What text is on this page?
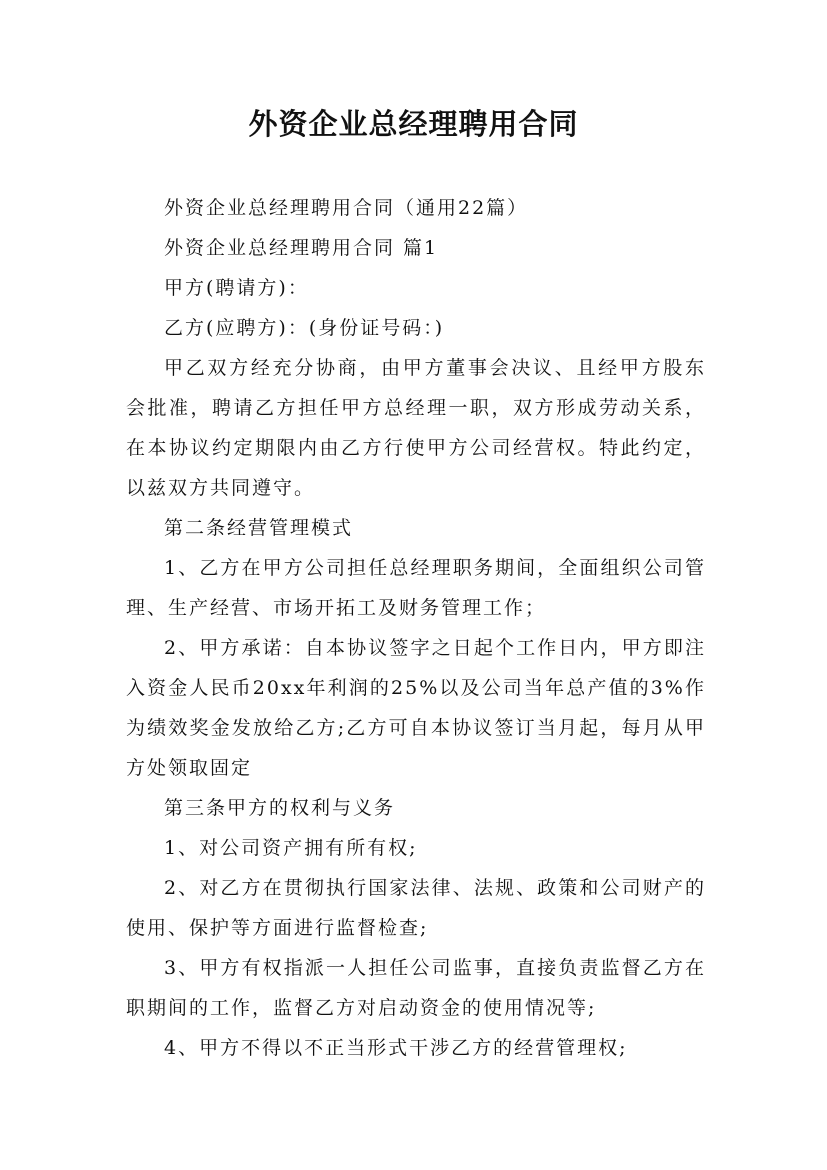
外资企业总经理聘用合同

外资企业总经理聘用合同（通用22篇）

外资企业总经理聘用合同 篇1

甲方(聘请方)：

乙方(应聘方)：(身份证号码：)

甲乙双方经充分协商，由甲方董事会决议、且经甲方股东会批准，聘请乙方担任甲方总经理一职，双方形成劳动关系，在本协议约定期限内由乙方行使甲方公司经营权。特此约定，以兹双方共同遵守。

第二条经营管理模式

1、乙方在甲方公司担任总经理职务期间，全面组织公司管理、生产经营、市场开拓工及财务管理工作；

2、甲方承诺：自本协议签字之日起个工作日内，甲方即注入资金人民币20xx年利润的25%以及公司当年总产值的3%作为绩效奖金发放给乙方;乙方可自本协议签订当月起，每月从甲方处领取固定

第三条甲方的权利与义务

1、对公司资产拥有所有权;

2、对乙方在贯彻执行国家法律、法规、政策和公司财产的使用、保护等方面进行监督检查;

3、甲方有权指派一人担任公司监事，直接负责监督乙方在职期间的工作，监督乙方对启动资金的使用情况等;

4、甲方不得以不正当形式干涉乙方的经营管理权;
